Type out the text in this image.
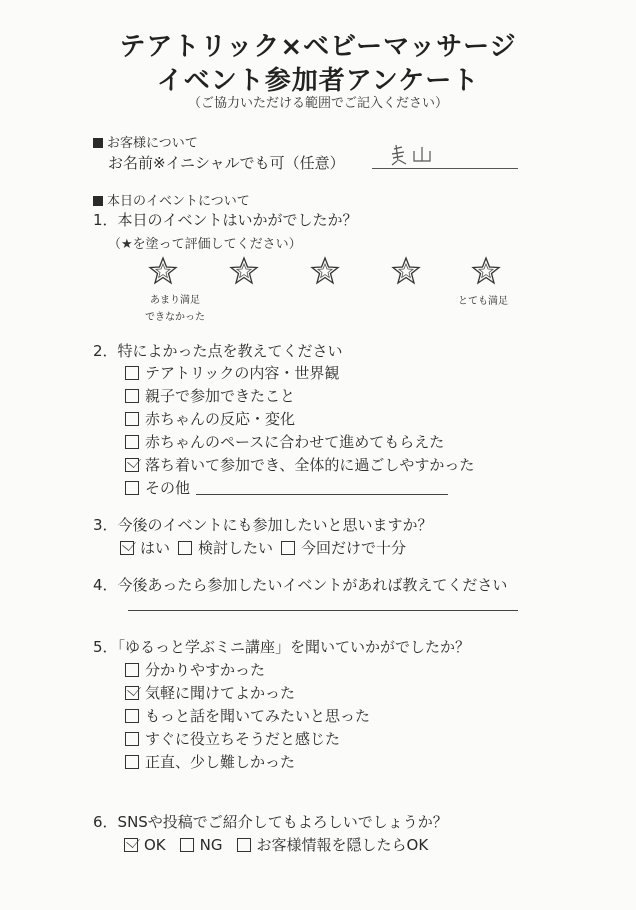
テアトリック×ベビーマッサージ
イベント参加者アンケート
（ご協力いただける範囲でご記入ください）
お客様について
お名前※イニシャルでも可（任意）
本日のイベントについて
1．本日のイベントはいかがでしたか？
（★を塗って評価してください）
あまり満足
できなかった
とても満足
2．特によかった点を教えてください
テアトリックの内容・世界観
親子で参加できたこと
赤ちゃんの反応・変化
赤ちゃんのペースに合わせて進めてもらえた
落ち着いて参加でき、全体的に過ごしやすかった
その他
3．今後のイベントにも参加したいと思いますか？
はい 検討したい 今回だけで十分
4．今後あったら参加したいイベントがあれば教えてください
5．「ゆるっと学ぶミニ講座」を聞いていかがでしたか？
分かりやすかった
気軽に聞けてよかった
もっと話を聞いてみたいと思った
すぐに役立ちそうだと感じた
正直、少し難しかった
6．SNSや投稿でご紹介してもよろしいでしょうか？
OK NG お客様情報を隠したらOK
